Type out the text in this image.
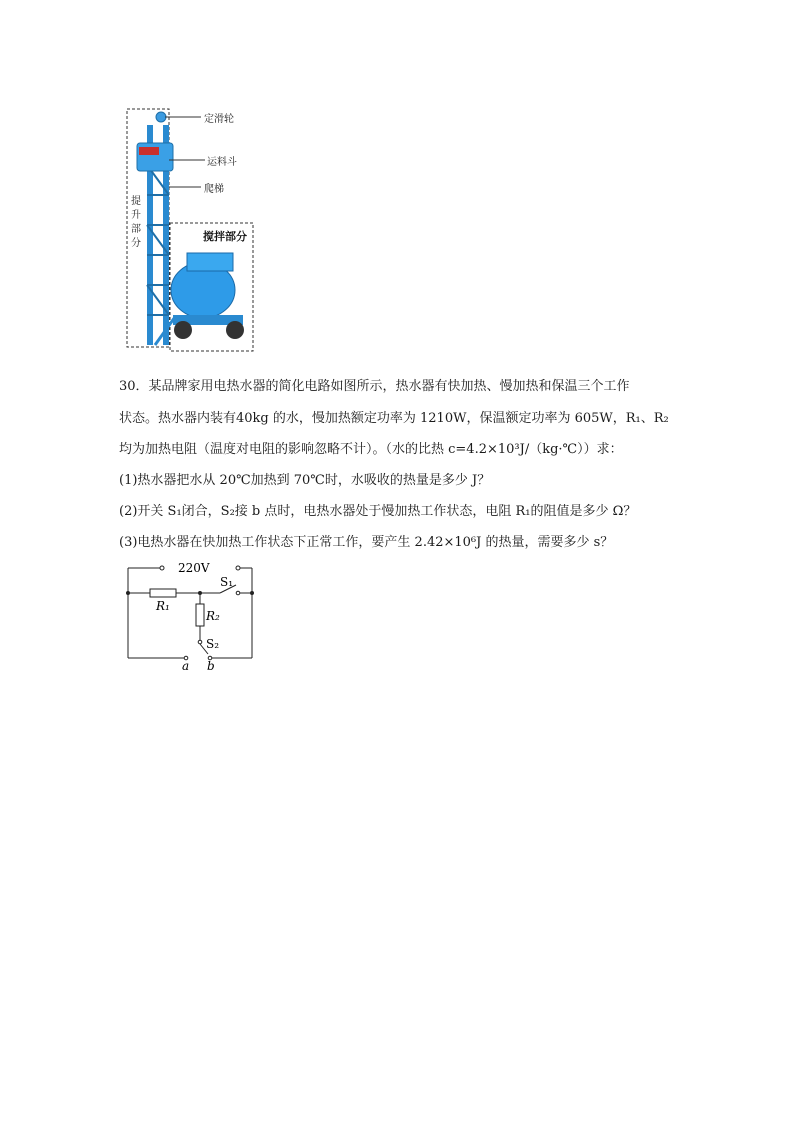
定滑轮
运料斗
爬梯
提
升
部
分
搅拌部分
30．某品牌家用电热水器的简化电路如图所示，热水器有快加热、慢加热和保温三个工作
状态。热水器内装有40kg 的水，慢加热额定功率为 1210W，保温额定功率为 605W，R₁、R₂
均为加热电阻（温度对电阻的影响忽略不计）。（水的比热 c=4.2×10³J/（kg·℃））求：
(1)热水器把水从 20℃加热到 70℃时，水吸收的热量是多少 J？
(2)开关 S₁闭合，S₂接 b 点时，电热水器处于慢加热工作状态，电阻 R₁的阻值是多少 Ω？
(3)电热水器在快加热工作状态下正常工作，要产生 2.42×10⁶J 的热量，需要多少 s？
220V
S₁
R₁
R₂
S₂
a b
